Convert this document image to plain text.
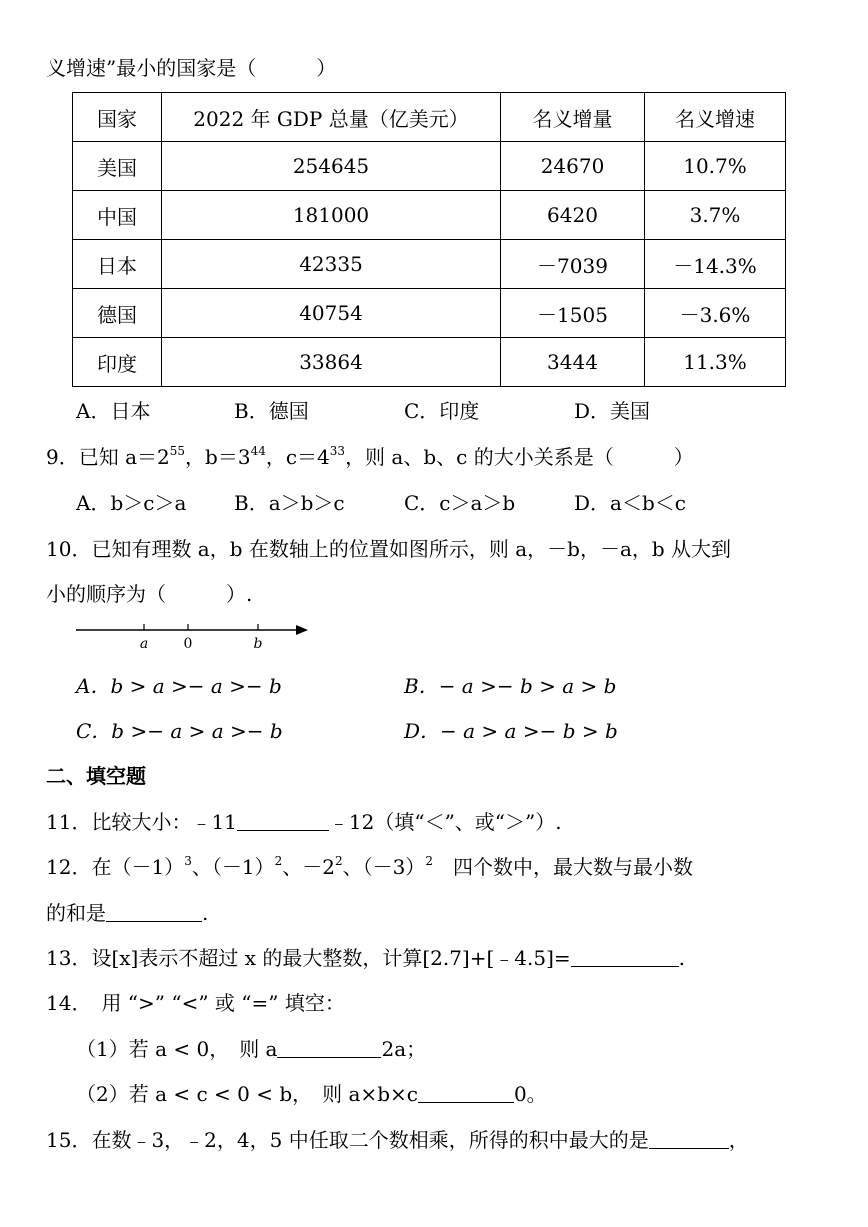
义增速”最小的国家是（　　　）
国家	2022 年 GDP 总量（亿美元）	名义增量	名义增速
美国	254645	24670	10.7%
中国	181000	6420	3.7%
日本	42335	－7039	－14.3%
德国	40754	－1505	－3.6%
印度	33864	3444	11.3%
A．日本	B．德国	C．印度	D．美国
9．已知 $a=2^{55}$，$b=3^{44}$，$c=4^{33}$，则 a、b、c 的大小关系是（　　　）
A．b＞c＞a B．a＞b＞c	C．c＞a＞b	D．a＜b＜c
10．已知有理数 a，b 在数轴上的位置如图所示，则 a，－b，－a，b 从大到
小的顺序为（　　　）.
a	0	b
A．b > a >− a >− b	B．− a >− b > a > b
C．b >− a > a >− b	D．− a > a >− b > b
二、填空题
11．比较大小：﹣11	﹣12（填“＜”、或“＞”）.
12．在$(-1)^3$、$(-1)^2$、$-2^2$、$(-3)^2$　四个数中，最大数与最小数
的和是	.
13．设[x]表示不超过 x 的最大整数，计算[2.7]+[﹣4.5]=	.
14．　用 “>” “<” 或 “=” 填空：
（1）若 a < 0，　则 a	2a；
（2）若 a < c < 0 < b，　则 a×b×c	0。
15．在数﹣3，﹣2，4，5 中任取二个数相乘，所得的积中最大的是	，
